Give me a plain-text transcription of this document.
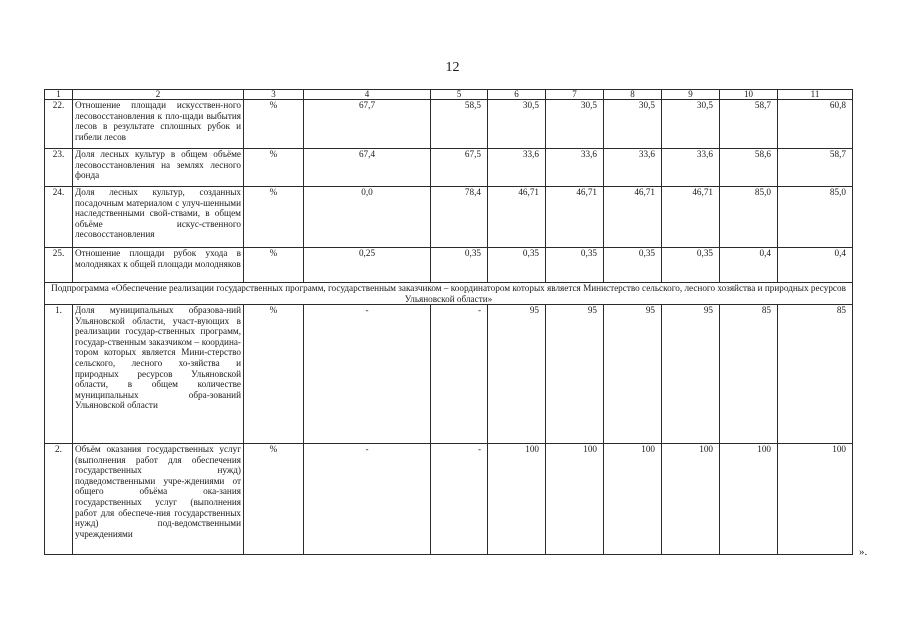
12
1	2	3	4	5	6	7	8	9	10	11
22.	Отношение площади искусствен-ного лесовосстановления к пло-щади выбытия лесов в результате сплошных рубок и гибели лесов	%	67,7	58,5	30,5	30,5	30,5	30,5	58,7	60,8
23.	Доля лесных культур в общем объёме лесовосстановления на землях лесного фонда	%	67,4	67,5	33,6	33,6	33,6	33,6	58,6	58,7
24.	Доля лесных культур, созданных посадочным материалом с улуч-шенными наследственными свой-ствами, в общем объёме искус-ственного лесовосстановления	%	0,0	78,4	46,71	46,71	46,71	46,71	85,0	85,0
25.	Отношение площади рубок ухода в молодняках к общей площади молодняков	%	0,25	0,35	0,35	0,35	0,35	0,35	0,4	0,4
Подпрограмма «Обеспечение реализации государственных программ, государственным заказчиком – координатором которых является Министерство сельского, лесного хозяйства и природных ресурсов Ульяновской области»										
1.	Доля муниципальных образова-ний Ульяновской области, участ-вующих в реализации государ-ственных программ, государ-ственным заказчиком – координа-тором которых является Мини-стерство сельского, лесного хо-зяйства и природных ресурсов Ульяновской области, в общем количестве муниципальных обра-зований Ульяновской области	%	-	-	95	95	95	95	85	85
2.	Объём оказания государственных услуг (выполнения работ для обеспечения государственных нужд) подведомственными учре-ждениями от общего объёма ока-зания государственных услуг (выполнения работ для обеспече-ния государственных нужд) под-ведомственными учреждениями	%	-	-	100	100	100	100	100	100
».
